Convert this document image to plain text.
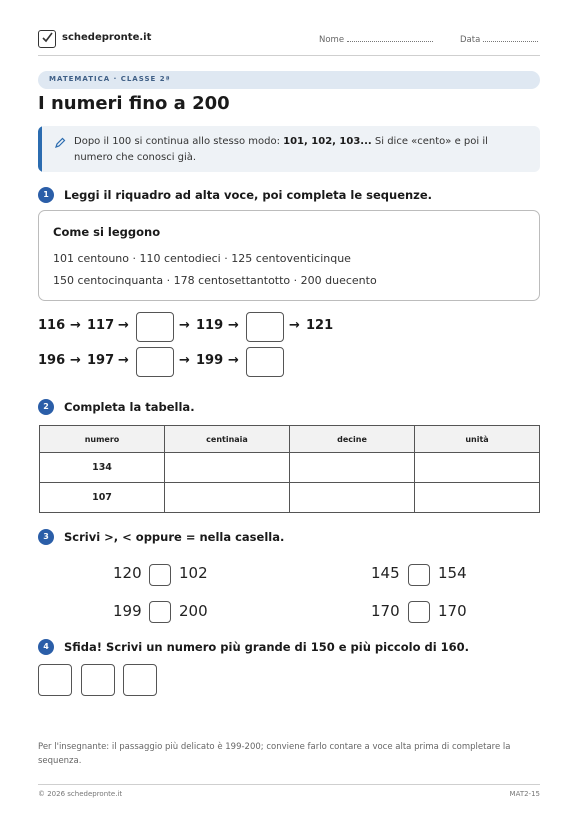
schedepronte.it	Nome	Data
MATEMATICA · CLASSE 2ª
I numeri fino a 200
Dopo il 100 si continua allo stesso modo: 101, 102, 103... Si dice «cento» e poi il numero che conosci già.
1	Leggi il riquadro ad alta voce, poi completa le sequenze.
Come si leggono
101 centouno · 110 centodieci · 125 centoventicinque
150 centocinquanta · 178 centosettantotto · 200 duecento
116 → 117 →	→ 119 →	→ 121
196 → 197 →	→ 199 →
2	Completa la tabella.
numero	centinaia	decine	unità
134			
107			
3	Scrivi >, < oppure = nella casella.
120 102	145	154
199 200	170	170
4	Sfida! Scrivi un numero più grande di 150 e più piccolo di 160.
Per l'insegnante: il passaggio più delicato è 199-200; conviene farlo contare a voce alta prima di completare la sequenza.
© 2026 schedepronte.it	MAT2-15
